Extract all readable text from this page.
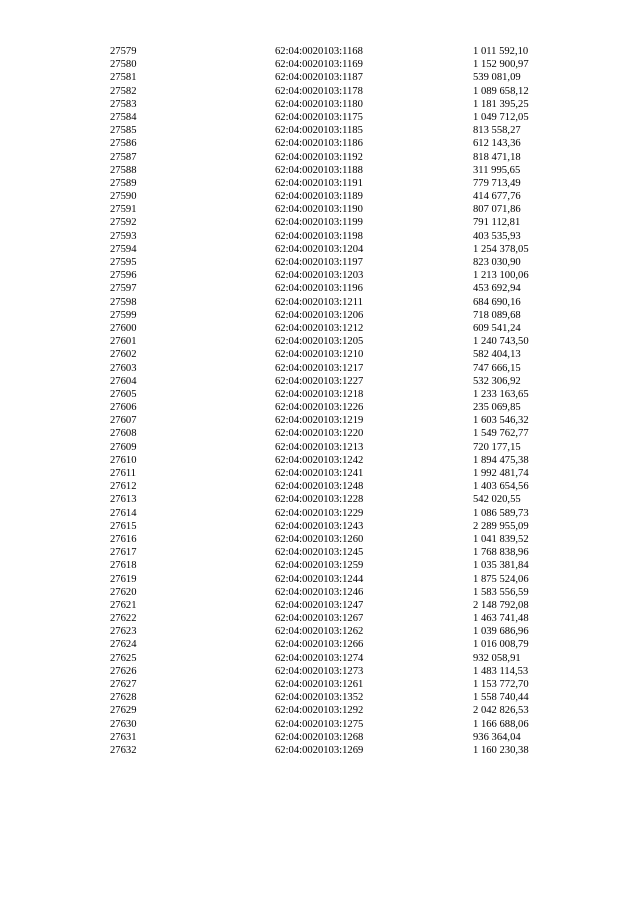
27579	62:04:0020103:1168	1 011 592,10
27580	62:04:0020103:1169	1 152 900,97
27581	62:04:0020103:1187	539 081,09
27582	62:04:0020103:1178	1 089 658,12
27583	62:04:0020103:1180	1 181 395,25
27584	62:04:0020103:1175	1 049 712,05
27585	62:04:0020103:1185	813 558,27
27586	62:04:0020103:1186	612 143,36
27587	62:04:0020103:1192	818 471,18
27588	62:04:0020103:1188	311 995,65
27589	62:04:0020103:1191	779 713,49
27590	62:04:0020103:1189	414 677,76
27591	62:04:0020103:1190	807 071,86
27592	62:04:0020103:1199	791 112,81
27593	62:04:0020103:1198	403 535,93
27594	62:04:0020103:1204	1 254 378,05
27595	62:04:0020103:1197	823 030,90
27596	62:04:0020103:1203	1 213 100,06
27597	62:04:0020103:1196	453 692,94
27598	62:04:0020103:1211	684 690,16
27599	62:04:0020103:1206	718 089,68
27600	62:04:0020103:1212	609 541,24
27601	62:04:0020103:1205	1 240 743,50
27602	62:04:0020103:1210	582 404,13
27603	62:04:0020103:1217	747 666,15
27604	62:04:0020103:1227	532 306,92
27605	62:04:0020103:1218	1 233 163,65
27606	62:04:0020103:1226	235 069,85
27607	62:04:0020103:1219	1 603 546,32
27608	62:04:0020103:1220	1 549 762,77
27609	62:04:0020103:1213	720 177,15
27610	62:04:0020103:1242	1 894 475,38
27611	62:04:0020103:1241	1 992 481,74
27612	62:04:0020103:1248	1 403 654,56
27613	62:04:0020103:1228	542 020,55
27614	62:04:0020103:1229	1 086 589,73
27615	62:04:0020103:1243	2 289 955,09
27616	62:04:0020103:1260	1 041 839,52
27617	62:04:0020103:1245	1 768 838,96
27618	62:04:0020103:1259	1 035 381,84
27619	62:04:0020103:1244	1 875 524,06
27620	62:04:0020103:1246	1 583 556,59
27621	62:04:0020103:1247	2 148 792,08
27622	62:04:0020103:1267	1 463 741,48
27623	62:04:0020103:1262	1 039 686,96
27624	62:04:0020103:1266	1 016 008,79
27625	62:04:0020103:1274	932 058,91
27626	62:04:0020103:1273	1 483 114,53
27627	62:04:0020103:1261	1 153 772,70
27628	62:04:0020103:1352	1 558 740,44
27629	62:04:0020103:1292	2 042 826,53
27630	62:04:0020103:1275	1 166 688,06
27631	62:04:0020103:1268	936 364,04
27632	62:04:0020103:1269	1 160 230,38
